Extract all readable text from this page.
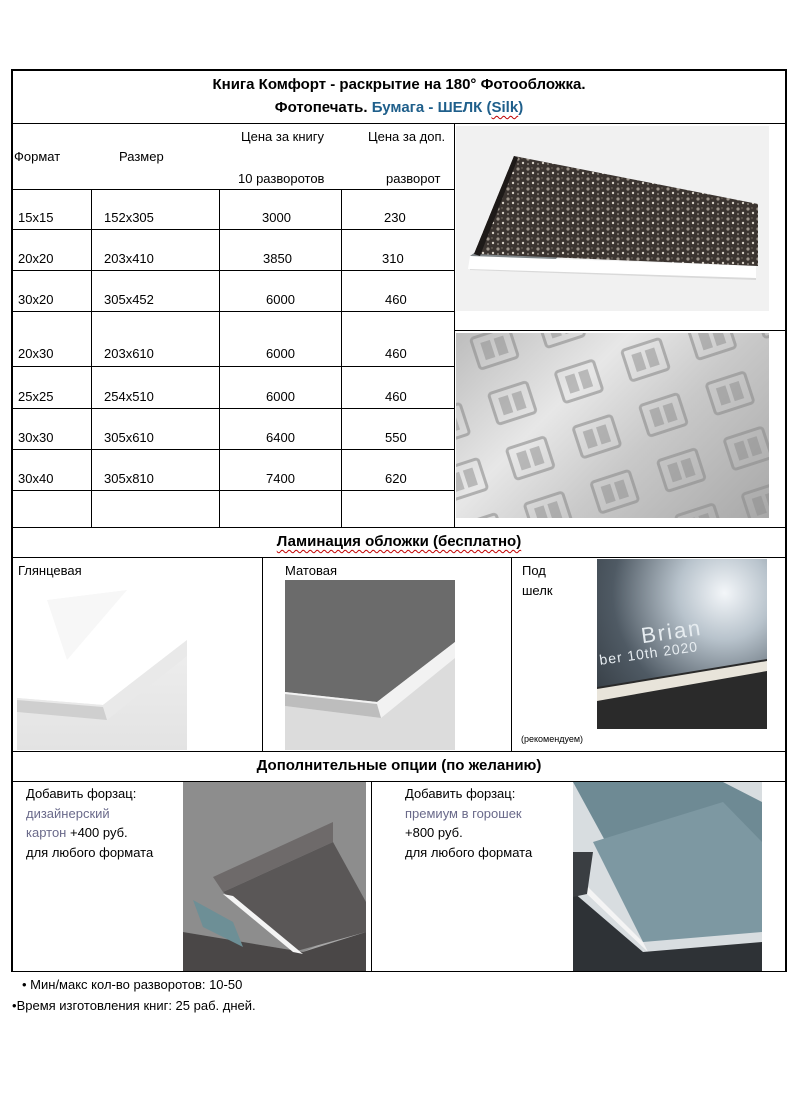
Книга Комфорт - раскрытие на 180° Фотообложка.
Фотопечать. Бумага - ШЕЛК (Silk)
Формат	Размер
Цена за книгу
10 разворотов
Цена за доп.
разворот
15x15	152x305	3000	230
20x20	203x410	3850	310
30x20	305x452	6000	460
20x30	203x610	6000	460
25x25	254x510	6000	460
30x30	305x610	6400	550
30x40	305x810	7400	620
Ламинация обложки (бесплатно)
Глянцевая	Матовая	Под
шелк
(рекомендуем)
Brian
ber 10th 2020
Дополнительные опции (по желанию)
Добавить форзац:
дизайнерский
картон +400 руб.
для любого формата
Добавить форзац:
премиум в горошек
+800 руб.
для любого формата
• Мин/макс кол-во разворотов: 10-50
•Время изготовления книг: 25 раб. дней.
